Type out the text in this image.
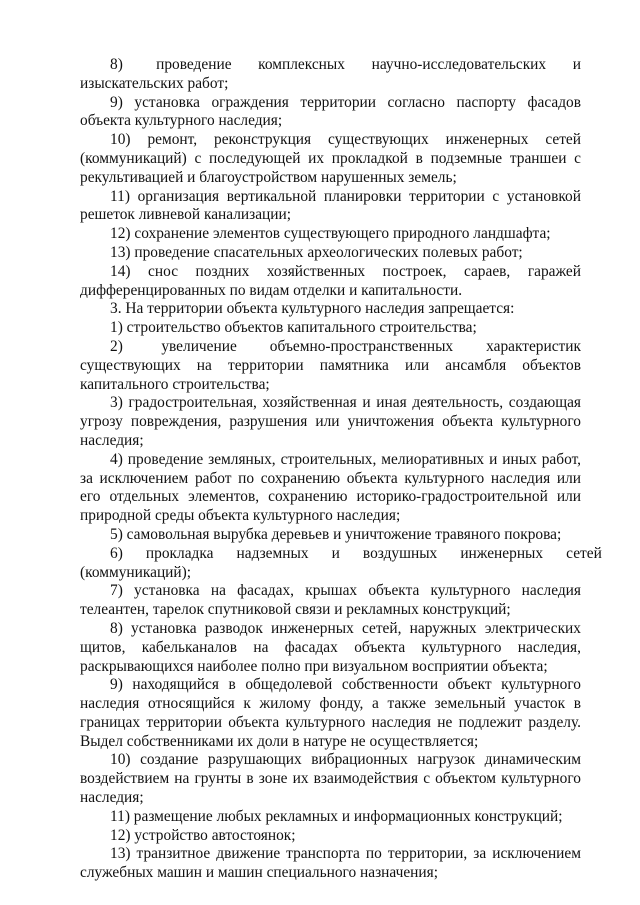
8)     проведение    комплексных    научно-исследовательских    и изыскательских работ;

9) установка ограждения территории согласно паспорту фасадов объекта культурного наследия;

10) ремонт, реконструкция существующих инженерных сетей (коммуникаций) с последующей их прокладкой в подземные траншеи с рекультивацией и благоустройством нарушенных земель;

11) организация вертикальной планировки территории с установкой решеток ливневой канализации;

12) сохранение элементов существующего природного ландшафта;

13) проведение спасательных археологических полевых работ;

14)    снос    поздних    хозяйственных    построек,    сараев,    гаражей дифференцированных по видам отделки и капитальности.

3. На территории объекта культурного наследия запрещается:

1) строительство объектов капитального строительства;

2)       увеличение      объемно-пространственных      характеристик существующих на территории памятника или ансамбля объектов капитального строительства;

3) градостроительная, хозяйственная и иная деятельность, создающая угрозу повреждения, разрушения или уничтожения объекта культурного наследия;

4) проведение земляных, строительных, мелиоративных и иных работ, за исключением работ по сохранению объекта культурного наследия или его отдельных элементов, сохранению историко-градостроительной или природной среды объекта культурного наследия;

5) самовольная вырубка деревьев и уничтожение травяного покрова;

6)      прокладка      надземных      и      воздушных      инженерных      сетей (коммуникаций);

7) установка на фасадах, крышах объекта культурного наследия телеантен, тарелок спутниковой связи и рекламных конструкций;

8) установка разводок инженерных сетей, наружных электрических щитов, кабельканалов на фасадах объекта культурного наследия, раскрывающихся наиболее полно при визуальном восприятии объекта;

9) находящийся в общедолевой собственности объект культурного наследия относящийся к жилому фонду, а также земельный участок в границах территории объекта культурного наследия не подлежит разделу. Выдел собственниками их доли в натуре не осуществляется;

10) создание разрушающих вибрационных нагрузок динамическим воздействием на грунты в зоне их взаимодействия с объектом культурного наследия;

11) размещение любых рекламных и информационных конструкций;

12) устройство автостоянок;

13) транзитное движение транспорта по территории, за исключением служебных машин и машин специального назначения;
